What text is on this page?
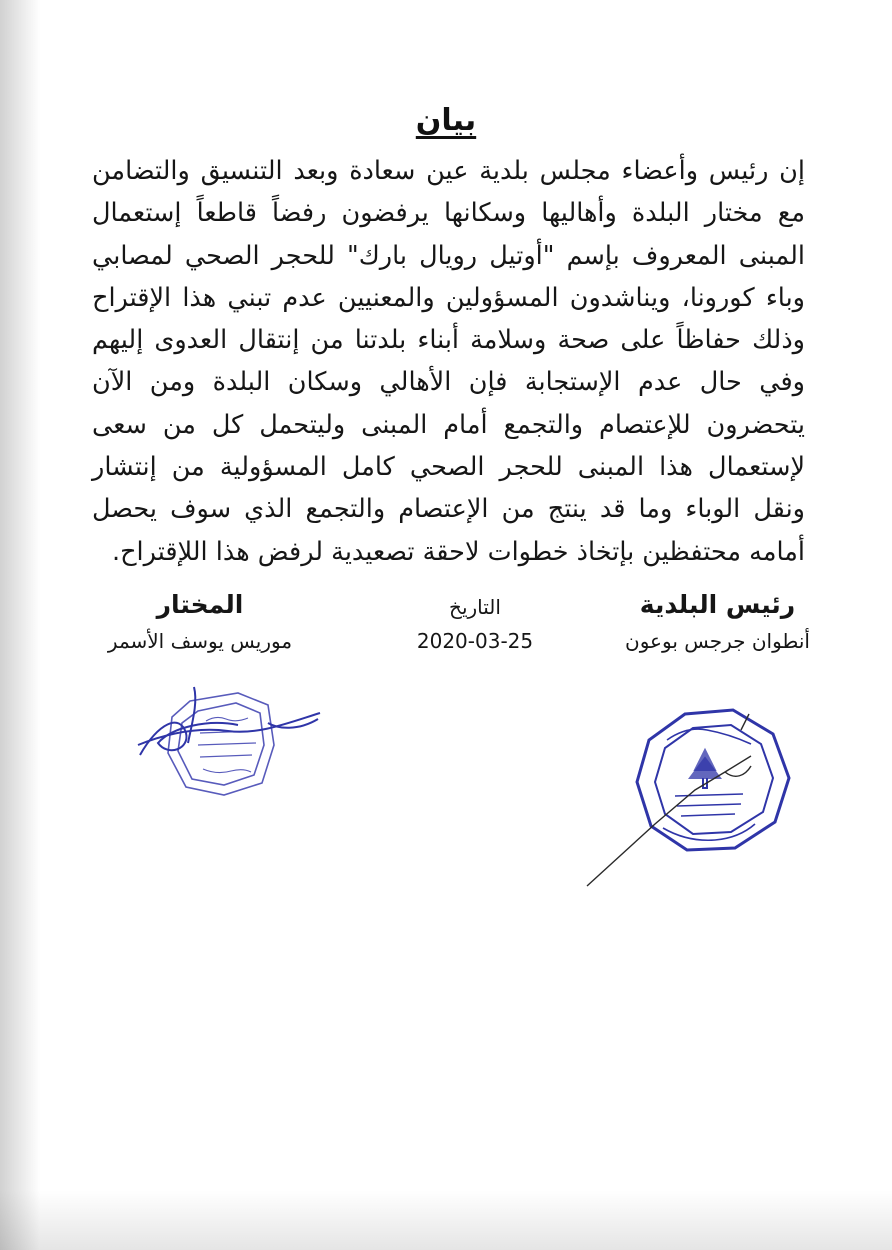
بيان
إن رئيس وأعضاء مجلس بلدية عين سعادة وبعد التنسيق والتضامن مع مختار البلدة وأهاليها وسكانها يرفضون رفضاً قاطعاً إستعمال المبنى المعروف بإسم "أوتيل رويال بارك" للحجر الصحي لمصابي وباء كورونا، ويناشدون المسؤولين والمعنيين عدم تبني هذا الإقتراح وذلك حفاظاً على صحة وسلامة أبناء بلدتنا من إنتقال العدوى إليهم وفي حال عدم الإستجابة فإن الأهالي وسكان البلدة ومن الآن يتحضرون للإعتصام والتجمع أمام المبنى وليتحمل كل من سعى لإستعمال هذا المبنى للحجر الصحي كامل المسؤولية من إنتشار ونقل الوباء وما قد ينتج من الإعتصام والتجمع الذي سوف يحصل أمامه محتفظين بإتخاذ خطوات لاحقة تصعيدية لرفض هذا اللإقتراح.
رئيس البلدية
أنطوان جرجس بوعون
التاريخ
2020-03-25
المختار
موريس يوسف الأسمر
